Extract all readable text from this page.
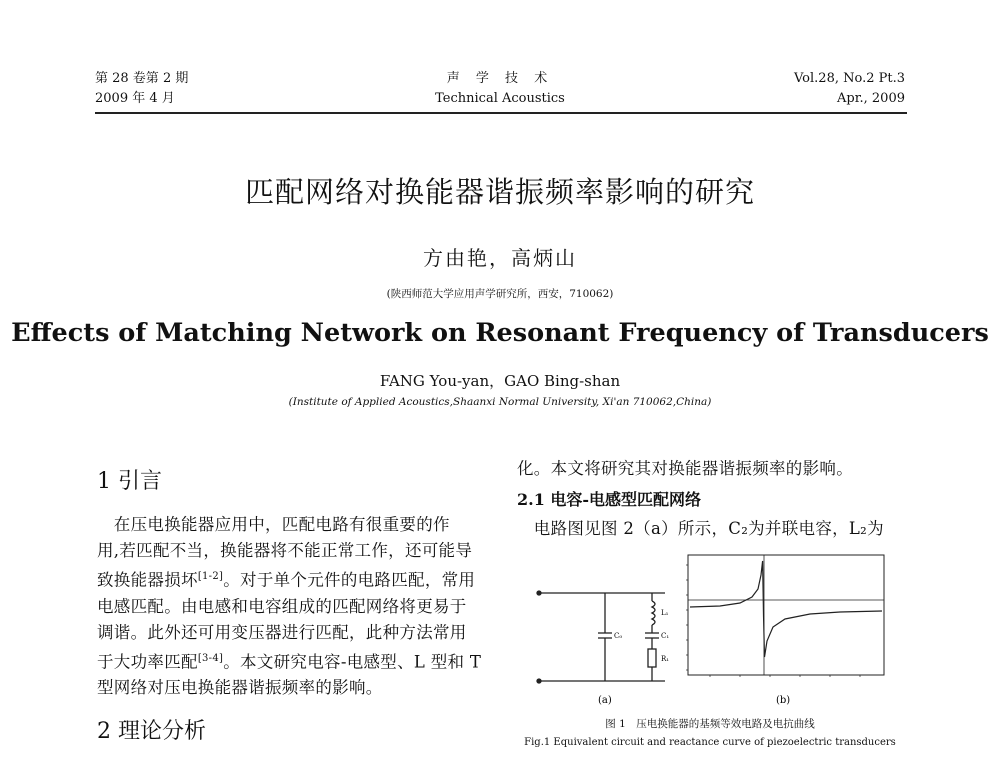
第 28 卷第 2 期
2009 年 4 月
声 学 技 术
Technical Acoustics
Vol.28, No.2 Pt.3
Apr., 2009
匹配网络对换能器谐振频率影响的研究
方由艳，高炳山
(陕西师范大学应用声学研究所，西安，710062)
Effects of Matching Network on Resonant Frequency of Transducers
FANG You-yan，GAO Bing-shan
(Institute of Applied Acoustics,Shaanxi Normal University, Xi'an 710062,China)
1 引言
　在压电换能器应用中，匹配电路有很重要的作
用,若匹配不当，换能器将不能正常工作，还可能导
致换能器损坏[1-2]。对于单个元件的电路匹配，常用
电感匹配。由电感和电容组成的匹配网络将更易于
调谐。此外还可用变压器进行匹配，此种方法常用
于大功率匹配[3-4]。本文研究电容-电感型、L 型和 T
型网络对压电换能器谐振频率的影响。
2 理论分析
化。本文将研究其对换能器谐振频率的影响。
2.1 电容-电感型匹配网络
　电路图见图 2（a）所示，C₂为并联电容，L₂为
C₀
L₁
C₁
R₁
(a)	(b)
图 1　压电换能器的基频等效电路及电抗曲线
Fig.1 Equivalent circuit and reactance curve of piezoelectric transducers
